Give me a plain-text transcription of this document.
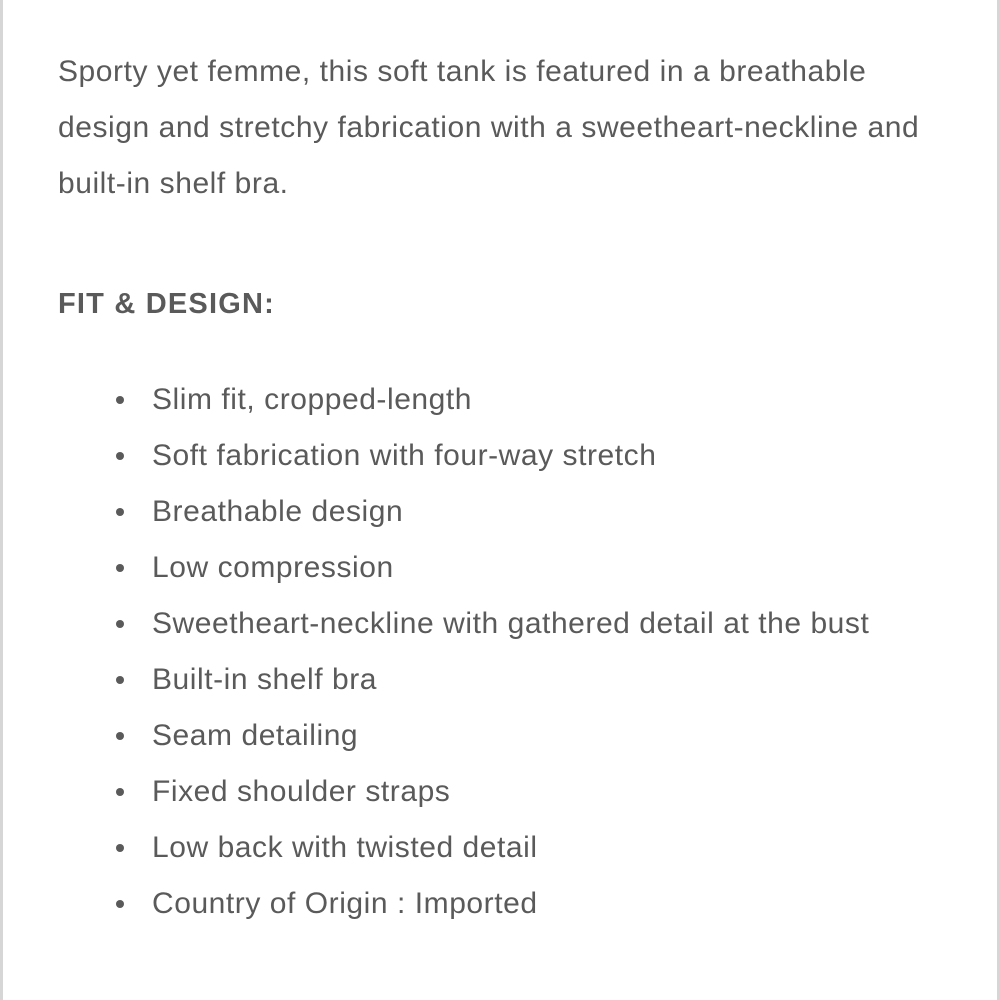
Sporty yet femme, this soft tank is featured in a breathable design and stretchy fabrication with a sweetheart-neckline and built-in shelf bra.

FIT & DESIGN:
Slim fit, cropped-length
Soft fabrication with four-way stretch
Breathable design
Low compression
Sweetheart-neckline with gathered detail at the bust
Built-in shelf bra
Seam detailing
Fixed shoulder straps
Low back with twisted detail
Country of Origin : Imported
